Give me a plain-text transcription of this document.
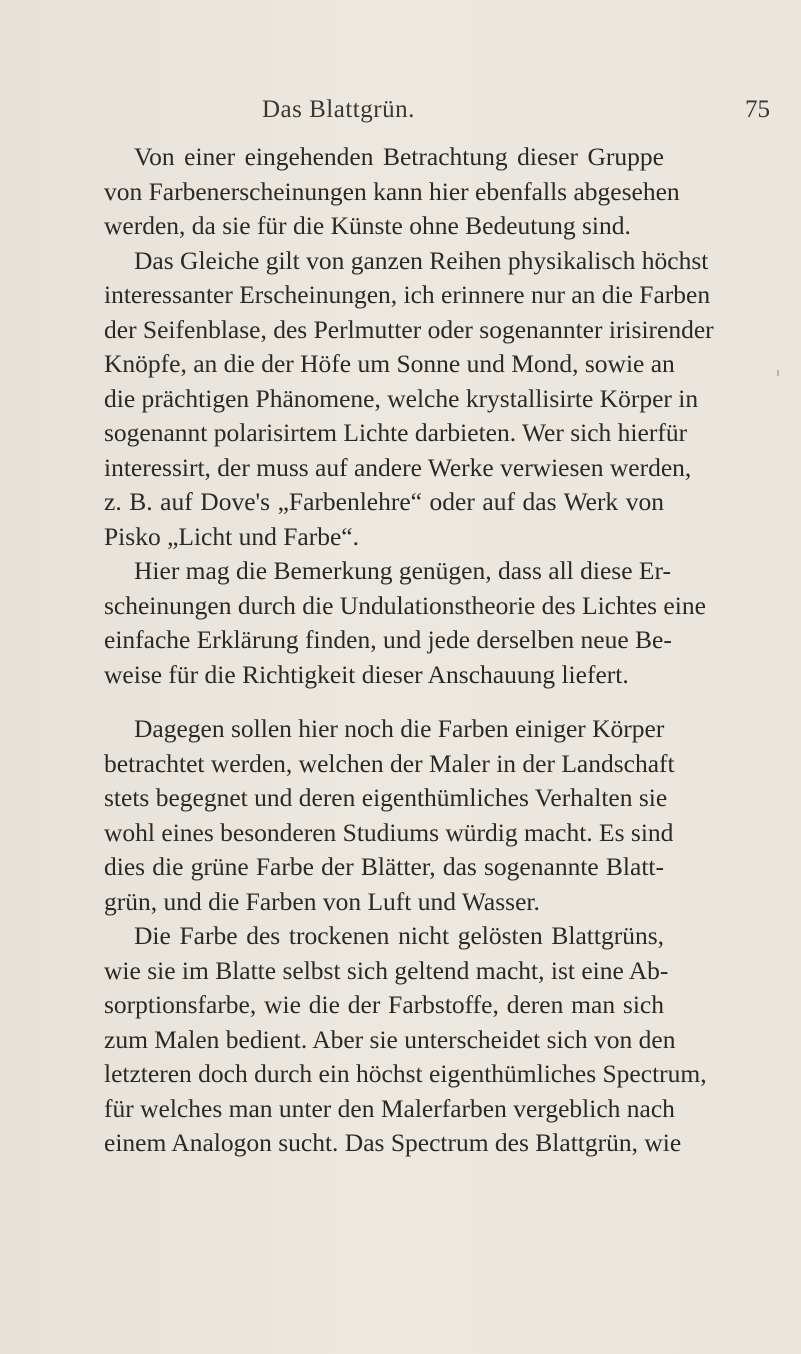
Das Blattgrün.	75
Von einer eingehenden Betrachtung dieser Gruppe
von Farbenerscheinungen kann hier ebenfalls abgesehen
werden, da sie für die Künste ohne Bedeutung sind.
Das Gleiche gilt von ganzen Reihen physikalisch höchst
interessanter Erscheinungen, ich erinnere nur an die Farben
der Seifenblase, des Perlmutter oder sogenannter irisirender
Knöpfe, an die der Höfe um Sonne und Mond, sowie an
die prächtigen Phänomene, welche krystallisirte Körper in
sogenannt polarisirtem Lichte darbieten. Wer sich hierfür
interessirt, der muss auf andere Werke verwiesen werden,
z. B. auf Dove's „Farbenlehre“ oder auf das Werk von
Pisko „Licht und Farbe“.
Hier mag die Bemerkung genügen, dass all diese Er-
scheinungen durch die Undulationstheorie des Lichtes eine
einfache Erklärung finden, und jede derselben neue Be-
weise für die Richtigkeit dieser Anschauung liefert.
Dagegen sollen hier noch die Farben einiger Körper
betrachtet werden, welchen der Maler in der Landschaft
stets begegnet und deren eigenthümliches Verhalten sie
wohl eines besonderen Studiums würdig macht. Es sind
dies die grüne Farbe der Blätter, das sogenannte Blatt-
grün, und die Farben von Luft und Wasser.
Die Farbe des trockenen nicht gelösten Blattgrüns,
wie sie im Blatte selbst sich geltend macht, ist eine Ab-
sorptionsfarbe, wie die der Farbstoffe, deren man sich
zum Malen bedient. Aber sie unterscheidet sich von den
letzteren doch durch ein höchst eigenthümliches Spectrum,
für welches man unter den Malerfarben vergeblich nach
einem Analogon sucht. Das Spectrum des Blattgrün, wie
